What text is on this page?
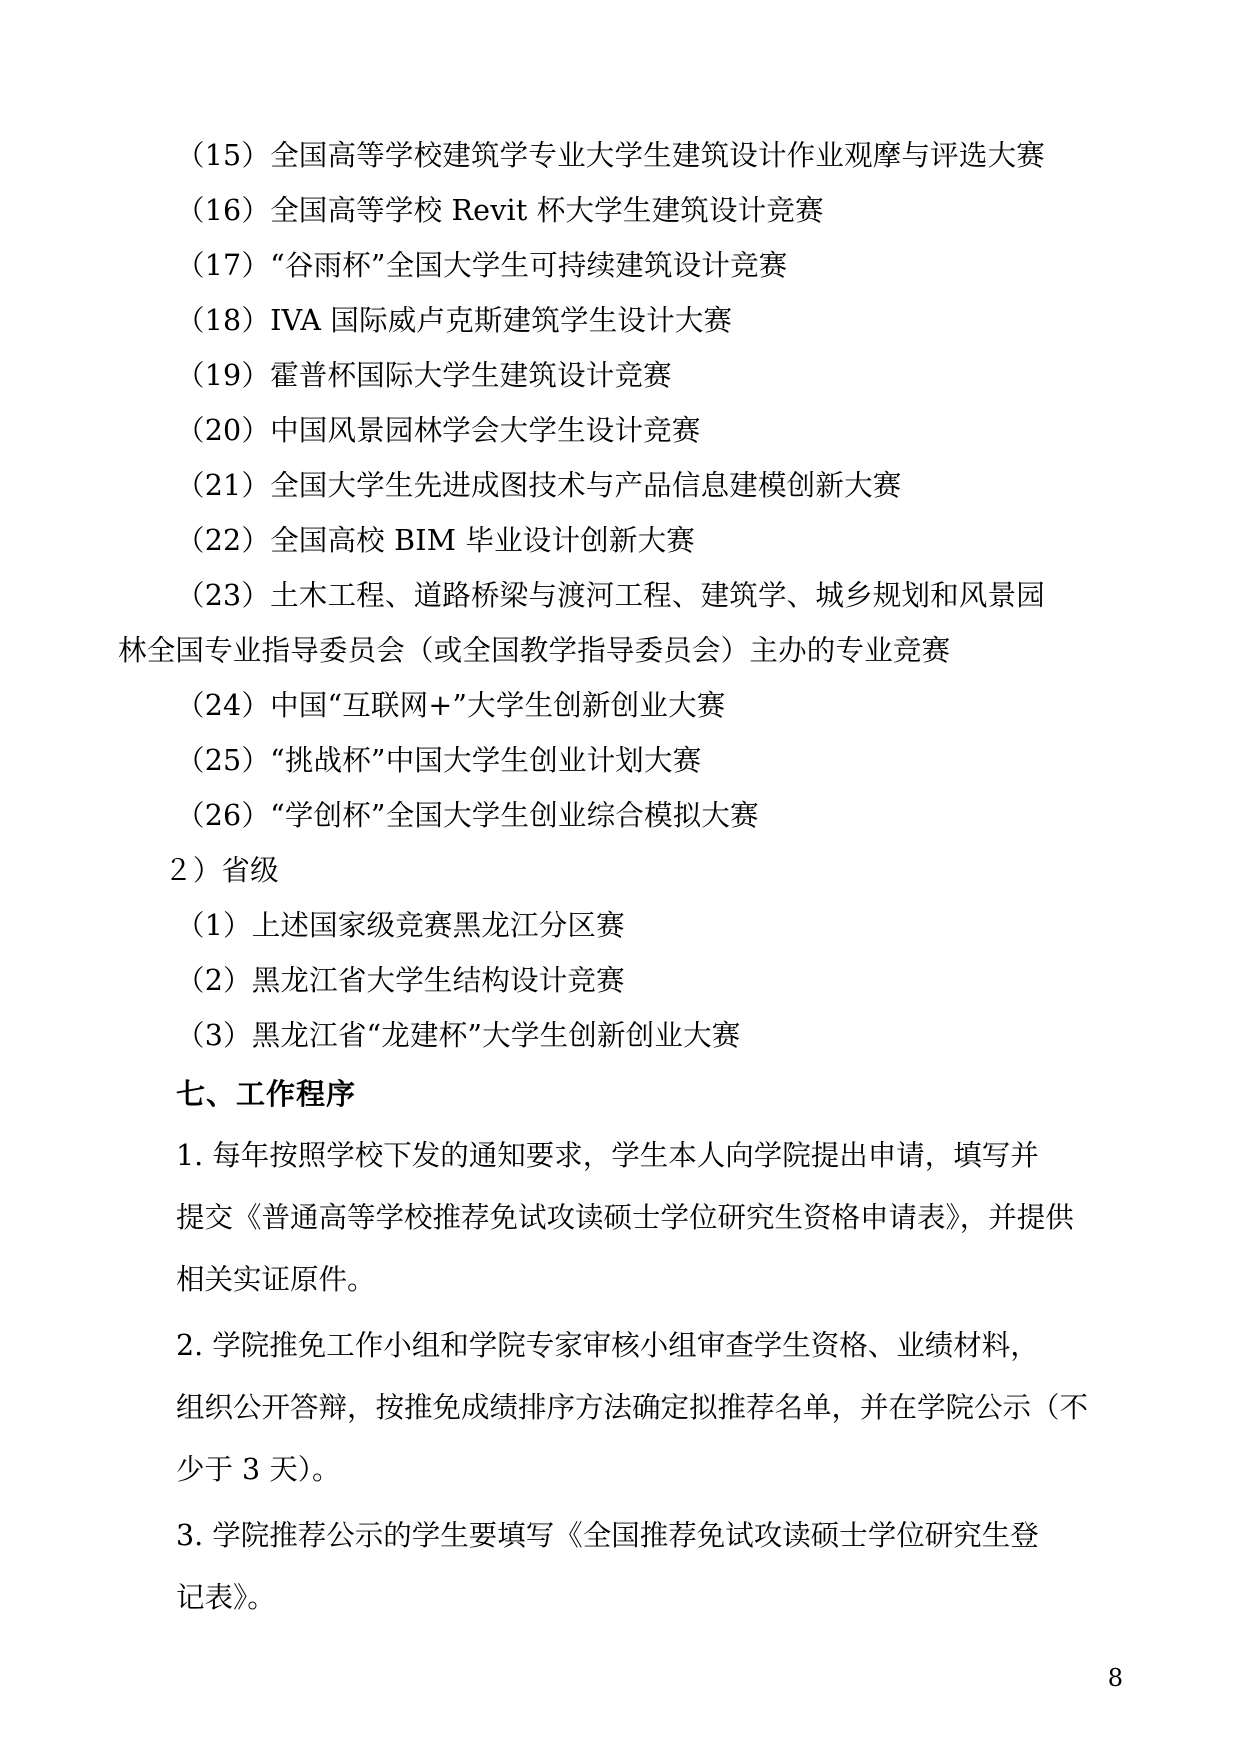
（15）全国高等学校建筑学专业大学生建筑设计作业观摩与评选大赛
（16）全国高等学校 Revit 杯大学生建筑设计竞赛
（17）“谷雨杯”全国大学生可持续建筑设计竞赛
（18）IVA 国际威卢克斯建筑学生设计大赛
（19）霍普杯国际大学生建筑设计竞赛
（20）中国风景园林学会大学生设计竞赛
（21）全国大学生先进成图技术与产品信息建模创新大赛
（22）全国高校 BIM 毕业设计创新大赛
（23）土木工程、道路桥梁与渡河工程、建筑学、城乡规划和风景园
林全国专业指导委员会（或全国教学指导委员会）主办的专业竞赛
（24）中国“互联网+”大学生创新创业大赛
（25）“挑战杯”中国大学生创业计划大赛
（26）“学创杯”全国大学生创业综合模拟大赛
２）省级
（1）上述国家级竞赛黑龙江分区赛
（2）黑龙江省大学生结构设计竞赛
（3）黑龙江省“龙建杯”大学生创新创业大赛
七、工作程序
1. 每年按照学校下发的通知要求，学生本人向学院提出申请，填写并
提交《普通高等学校推荐免试攻读硕士学位研究生资格申请表》，并提供
相关实证原件。
2. 学院推免工作小组和学院专家审核小组审查学生资格、业绩材料，
组织公开答辩，按推免成绩排序方法确定拟推荐名单，并在学院公示（不
少于 3 天）。
3. 学院推荐公示的学生要填写《全国推荐免试攻读硕士学位研究生登
记表》。
8
